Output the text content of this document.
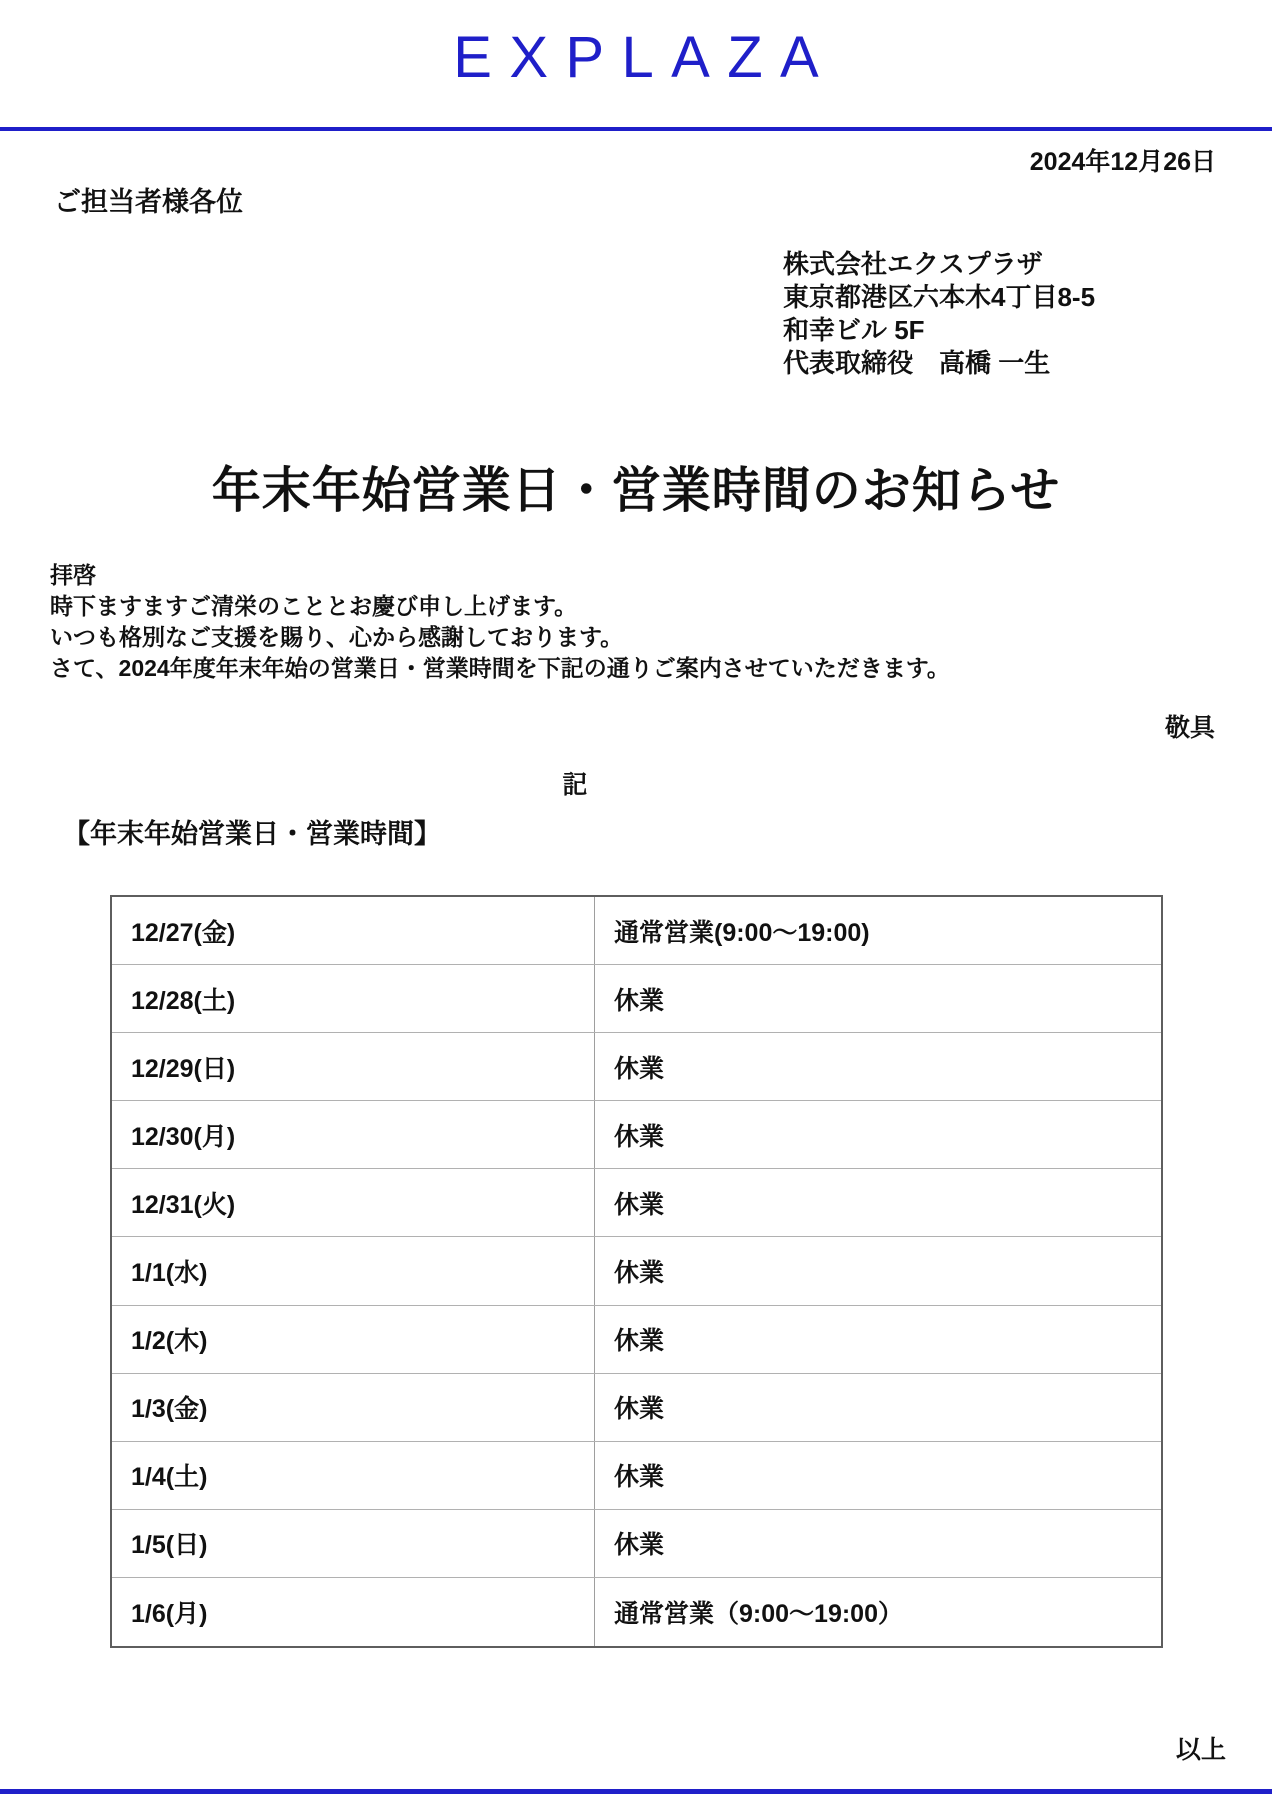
EXPLAZA
2024年12月26日
ご担当者様各位
株式会社エクスプラザ
東京都港区六本木4丁目8-5
和幸ビル 5F
代表取締役　高橋 一生
年末年始営業日・営業時間のお知らせ
拝啓
時下ますますご清栄のこととお慶び申し上げます。
いつも格別なご支援を賜り、心から感謝しております。
さて、2024年度年末年始の営業日・営業時間を下記の通りご案内させていただきます。
敬具
記
【年末年始営業日・営業時間】
12/27(金)	通常営業(9:00～19:00)
12/28(土)	休業
12/29(日)	休業
12/30(月)	休業
12/31(火)	休業
1/1(水)	休業
1/2(木)	休業
1/3(金)	休業
1/4(土)	休業
1/5(日)	休業
1/6(月)	通常営業（9:00～19:00）
以上
